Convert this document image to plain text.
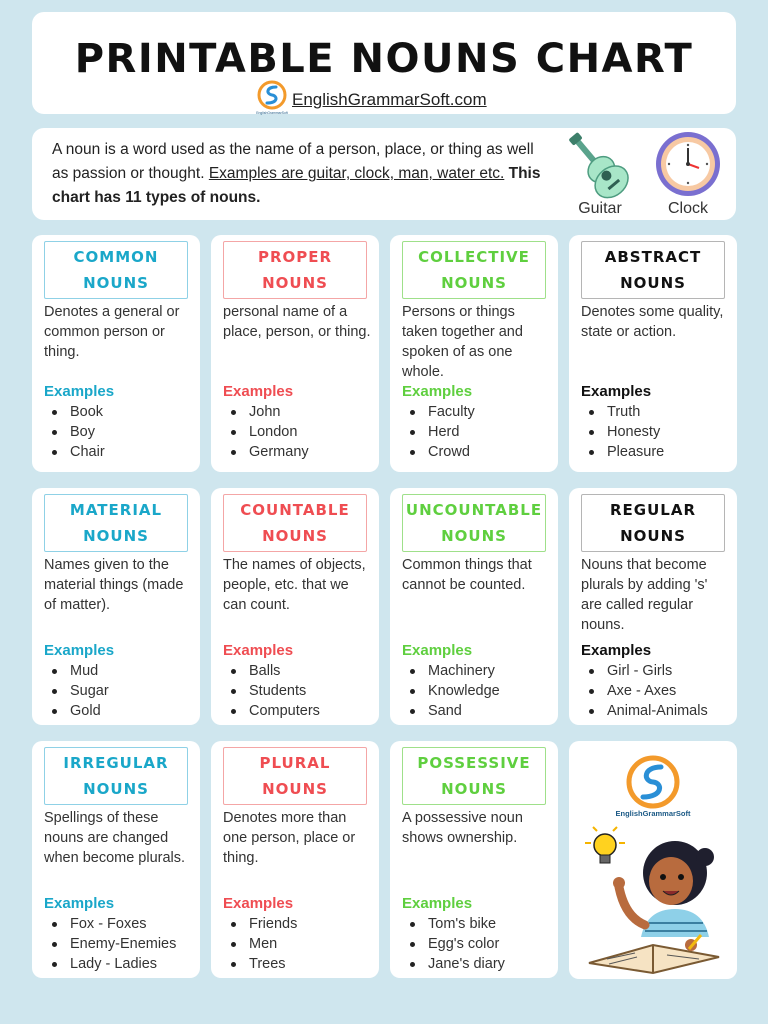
PRINTABLE NOUNS CHART
EnglishGrammarSoft
EnglishGrammarSoft.com
A noun is a word used as the name of a person, place, or thing as well as passion or thought. Examples are guitar, clock, man, water etc. This chart has 11 types of nouns.
Guitar	Clock
COMMON
NOUNS
Denotes a general or common person or thing.
Examples
Book
Boy
Chair
PROPER
NOUNS
personal name of a place, person, or thing.
Examples
John
London
Germany
COLLECTIVE
NOUNS
Persons or things taken together and spoken of as one whole.
Examples
Faculty
Herd
Crowd
ABSTRACT
NOUNS
Denotes some quality, state or action.
Examples
Truth
Honesty
Pleasure
MATERIAL
NOUNS
Names given to the material things (made of matter).
Examples
Mud
Sugar
Gold
COUNTABLE
NOUNS
The names of objects, people, etc. that we can count.
Examples
Balls
Students
Computers
UNCOUNTABLE
NOUNS
Common things that cannot be counted.
Examples
Machinery
Knowledge
Sand
REGULAR
NOUNS
Nouns that become plurals by adding 's' are called regular nouns.
Examples
Girl - Girls
Axe - Axes
Animal-Animals
IRREGULAR
NOUNS
Spellings of these nouns are changed when become plurals.
Examples
Fox - Foxes
Enemy-Enemies
Lady - Ladies
PLURAL
NOUNS
Denotes more than one person, place or thing.
Examples
Friends
Men
Trees
POSSESSIVE
NOUNS
A possessive noun shows ownership.
Examples
Tom's bike
Egg's color
Jane's diary
EnglishGrammarSoft
